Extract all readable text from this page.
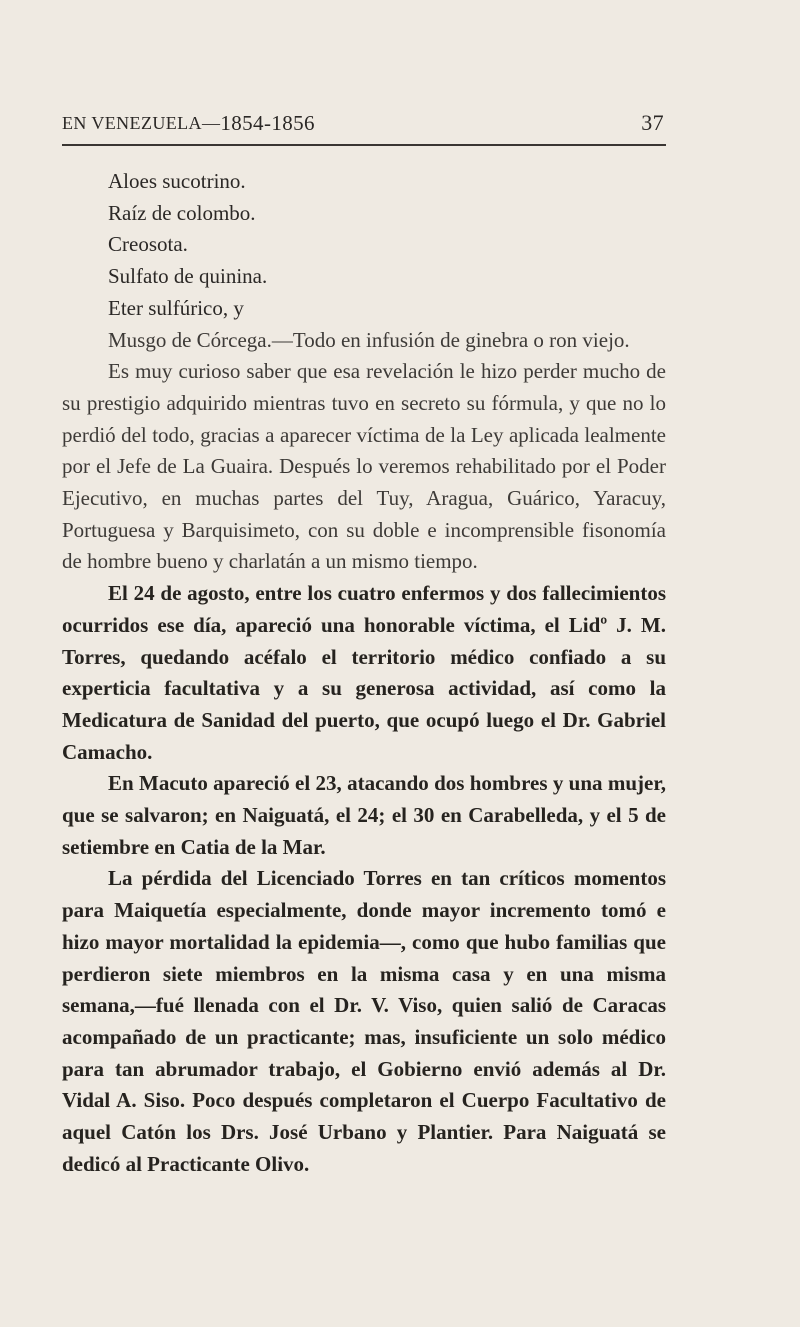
EN VENEZUELA—1854-1856	37

Aloes sucotrino.

Raíz de colombo.

Creosota.

Sulfato de quinina.

Eter sulfúrico, y

Musgo de Córcega.—Todo en infusión de ginebra o ron viejo.

Es muy curioso saber que esa revelación le hizo perder mucho de su prestigio adquirido mientras tuvo en secreto su fórmula, y que no lo perdió del todo, gracias a aparecer víctima de la Ley aplicada lealmente por el Jefe de La Guaira. Después lo veremos rehabilitado por el Poder Ejecutivo, en muchas partes del Tuy, Aragua, Guárico, Yaracuy, Portuguesa y Barquisimeto, con su doble e incomprensible fisonomía de hombre bueno y charlatán a un mismo tiempo.

El 24 de agosto, entre los cuatro enfermos y dos fallecimientos ocurridos ese día, apareció una honorable víctima, el Lidº J. M. Torres, quedando acéfalo el territorio médico confiado a su experticia facultativa y a su generosa actividad, así como la Medicatura de Sanidad del puerto, que ocupó luego el Dr. Gabriel Camacho.

En Macuto apareció el 23, atacando dos hombres y una mujer, que se salvaron; en Naiguatá, el 24; el 30 en Carabelleda, y el 5 de setiembre en Catia de la Mar.

La pérdida del Licenciado Torres en tan críticos momentos para Maiquetía especialmente, donde mayor incremento tomó e hizo mayor mortalidad la epidemia—, como que hubo familias que perdieron siete miembros en la misma casa y en una misma semana,—fué llenada con el Dr. V. Viso, quien salió de Caracas acompañado de un practicante; mas, insuficiente un solo médico para tan abrumador trabajo, el Gobierno envió además al Dr. Vidal A. Siso. Poco después completaron el Cuerpo Facultativo de aquel Catón los Drs. José Urbano y Plantier. Para Naiguatá se dedicó al Practicante Olivo.
